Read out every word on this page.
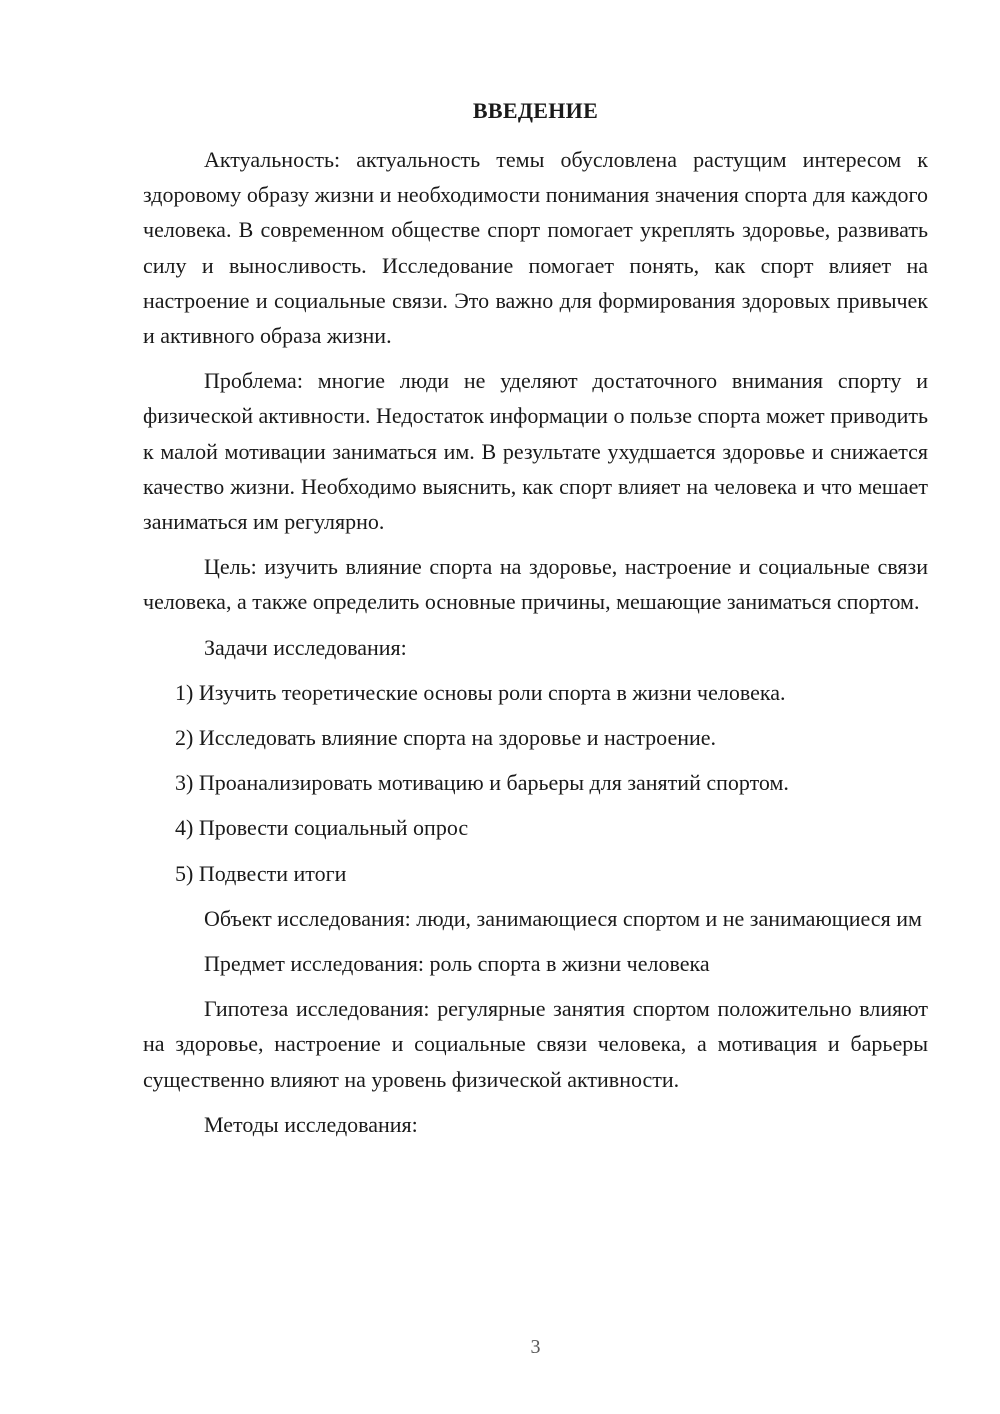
ВВЕДЕНИЕ

Актуальность: актуальность темы обусловлена растущим интересом к здоровому образу жизни и необходимости понимания значения спорта для каждого человека. В современном обществе спорт помогает укреплять здоровье, развивать силу и выносливость. Исследование помогает понять, как спорт влияет на настроение и социальные связи. Это важно для формирования здоровых привычек и активного образа жизни.

Проблема: многие люди не уделяют достаточного внимания спорту и физической активности. Недостаток информации о пользе спорта может приводить к малой мотивации заниматься им. В результате ухудшается здоровье и снижается качество жизни. Необходимо выяснить, как спорт влияет на человека и что мешает заниматься им регулярно.

Цель: изучить влияние спорта на здоровье, настроение и социальные связи человека, а также определить основные причины, мешающие заниматься спортом.

Задачи исследования:

1) Изучить теоретические основы роли спорта в жизни человека.

2) Исследовать влияние спорта на здоровье и настроение.

3) Проанализировать мотивацию и барьеры для занятий спортом.

4) Провести социальный опрос

5) Подвести итоги

Объект исследования: люди, занимающиеся спортом и не занимающиеся им

Предмет исследования: роль спорта в жизни человека

Гипотеза исследования: регулярные занятия спортом положительно влияют на здоровье, настроение и социальные связи человека, а мотивация и барьеры существенно влияют на уровень физической активности.

Методы исследования:

3
